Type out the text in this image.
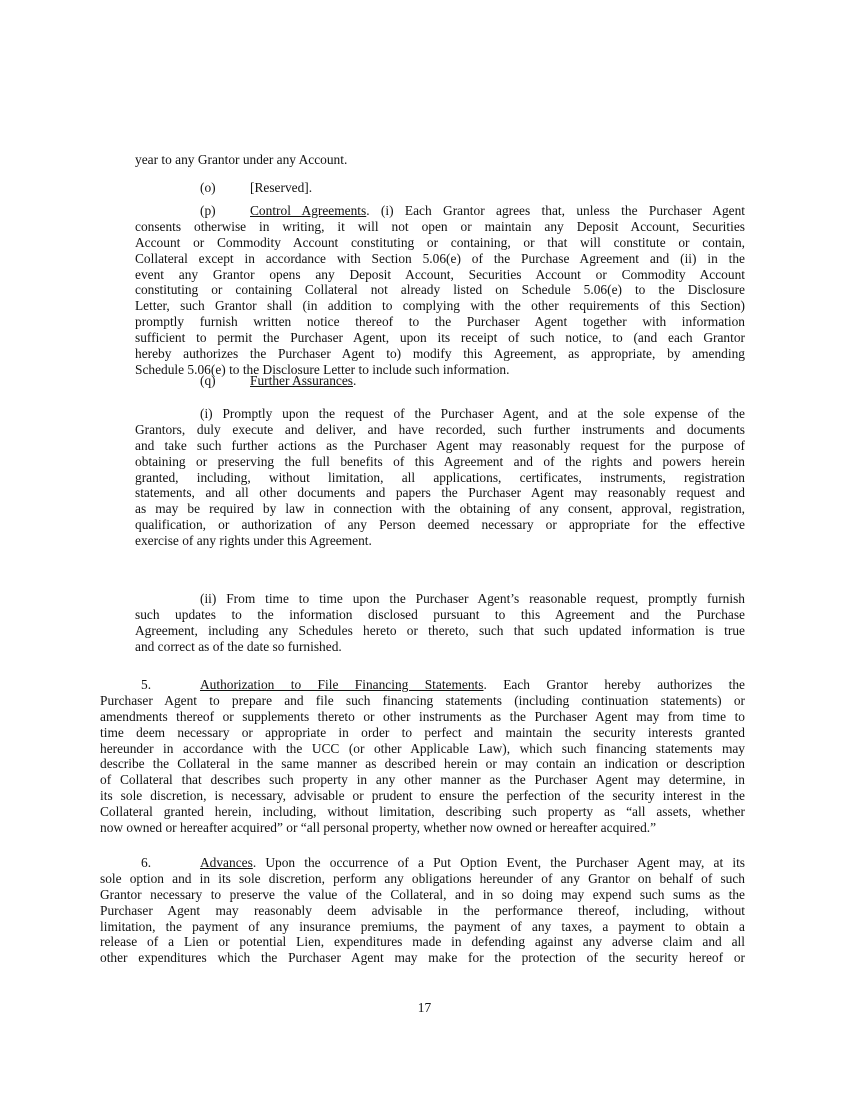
year to any Grantor under any Account.
(o)	[Reserved].
(p)	Control Agreements. (i) Each Grantor agrees that, unless the Purchaser Agent
consents otherwise in writing, it will not open or maintain any Deposit Account, Securities
Account or Commodity Account constituting or containing, or that will constitute or contain,
Collateral except in accordance with Section 5.06(e) of the Purchase Agreement and (ii) in the
event any Grantor opens any Deposit Account, Securities Account or Commodity Account
constituting or containing Collateral not already listed on Schedule 5.06(e) to the Disclosure
Letter, such Grantor shall (in addition to complying with the other requirements of this Section)
promptly furnish written notice thereof to the Purchaser Agent together with information
sufficient to permit the Purchaser Agent, upon its receipt of such notice, to (and each Grantor
hereby authorizes the Purchaser Agent to) modify this Agreement, as appropriate, by amending
Schedule 5.06(e) to the Disclosure Letter to include such information.
(q)	Further Assurances.
(i) Promptly upon the request of the Purchaser Agent, and at the sole expense of the
Grantors, duly execute and deliver, and have recorded, such further instruments and documents
and take such further actions as the Purchaser Agent may reasonably request for the purpose of
obtaining or preserving the full benefits of this Agreement and of the rights and powers herein
granted, including, without limitation, all applications, certificates, instruments, registration
statements, and all other documents and papers the Purchaser Agent may reasonably request and
as may be required by law in connection with the obtaining of any consent, approval, registration,
qualification, or authorization of any Person deemed necessary or appropriate for the effective
exercise of any rights under this Agreement.
(ii) From time to time upon the Purchaser Agent’s reasonable request, promptly furnish
such updates to the information disclosed pursuant to this Agreement and the Purchase
Agreement, including any Schedules hereto or thereto, such that such updated information is true
and correct as of the date so furnished.
5.	Authorization to File Financing Statements. Each Grantor hereby authorizes the
Purchaser Agent to prepare and file such financing statements (including continuation statements) or
amendments thereof or supplements thereto or other instruments as the Purchaser Agent may from time to
time deem necessary or appropriate in order to perfect and maintain the security interests granted
hereunder in accordance with the UCC (or other Applicable Law), which such financing statements may
describe the Collateral in the same manner as described herein or may contain an indication or description
of Collateral that describes such property in any other manner as the Purchaser Agent may determine, in
its sole discretion, is necessary, advisable or prudent to ensure the perfection of the security interest in the
Collateral granted herein, including, without limitation, describing such property as “all assets, whether
now owned or hereafter acquired” or “all personal property, whether now owned or hereafter acquired.”
6.	Advances. Upon the occurrence of a Put Option Event, the Purchaser Agent may, at its
sole option and in its sole discretion, perform any obligations hereunder of any Grantor on behalf of such
Grantor necessary to preserve the value of the Collateral, and in so doing may expend such sums as the
Purchaser Agent may reasonably deem advisable in the performance thereof, including, without
limitation, the payment of any insurance premiums, the payment of any taxes, a payment to obtain a
release of a Lien or potential Lien, expenditures made in defending against any adverse claim and all
other expenditures which the Purchaser Agent may make for the protection of the security hereof or
17
